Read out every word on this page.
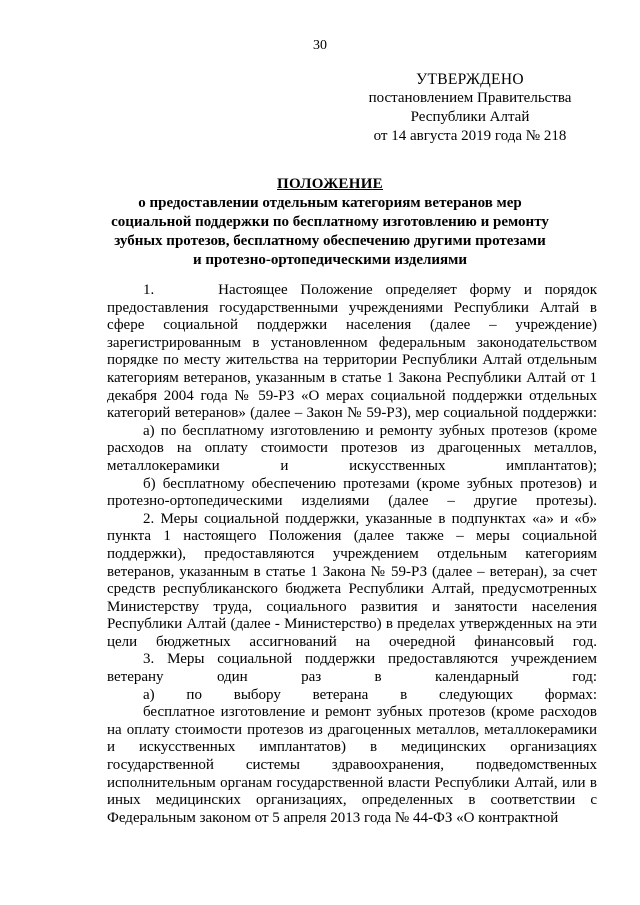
30
УТВЕРЖДЕНО
постановлением Правительства
Республики Алтай
от 14 августа 2019 года № 218
ПОЛОЖЕНИЕ
о предоставлении отдельным категориям ветеранов мер
социальной поддержки по бесплатному изготовлению и ремонту
зубных протезов, бесплатному обеспечению другими протезами
и протезно-ортопедическими изделиями

1.     Настоящее Положение определяет форму и порядок предоставления государственными учреждениями Республики Алтай в сфере социальной поддержки населения (далее – учреждение) зарегистрированным в установленном федеральным законодательством порядке по месту жительства на территории Республики Алтай отдельным категориям ветеранов, указанным в статье 1 Закона Республики Алтай от 1 декабря 2004 года № 59-РЗ «О мерах социальной поддержки отдельных категорий ветеранов» (далее – Закон № 59-РЗ), мер социальной поддержки:

а) по бесплатному изготовлению и ремонту зубных протезов (кроме расходов на оплату стоимости протезов из драгоценных металлов, металлокерамики и искусственных имплантатов);

б) бесплатному обеспечению протезами (кроме зубных протезов) и протезно-ортопедическими изделиями (далее – другие протезы).

2. Меры социальной поддержки, указанные в подпунктах «а» и «б» пункта 1 настоящего Положения (далее также – меры социальной поддержки), предоставляются учреждением отдельным категориям ветеранов, указанным в статье 1 Закона № 59-РЗ (далее – ветеран), за счет средств республиканского бюджета Республики Алтай, предусмотренных Министерству труда, социального развития и занятости населения Республики Алтай (далее - Министерство) в пределах утвержденных на эти цели бюджетных ассигнований на очередной финансовый год.

3. Меры социальной поддержки предоставляются учреждением ветерану один раз в календарный год:

а) по выбору ветерана в следующих формах:

бесплатное изготовление и ремонт зубных протезов (кроме расходов на оплату стоимости протезов из драгоценных металлов, металлокерамики и искусственных имплантатов) в медицинских организациях государственной системы здравоохранения, подведомственных исполнительным органам государственной власти Республики Алтай, или в иных медицинских организациях, определенных в соответствии с Федеральным законом от 5 апреля 2013 года № 44-ФЗ «О контрактной
